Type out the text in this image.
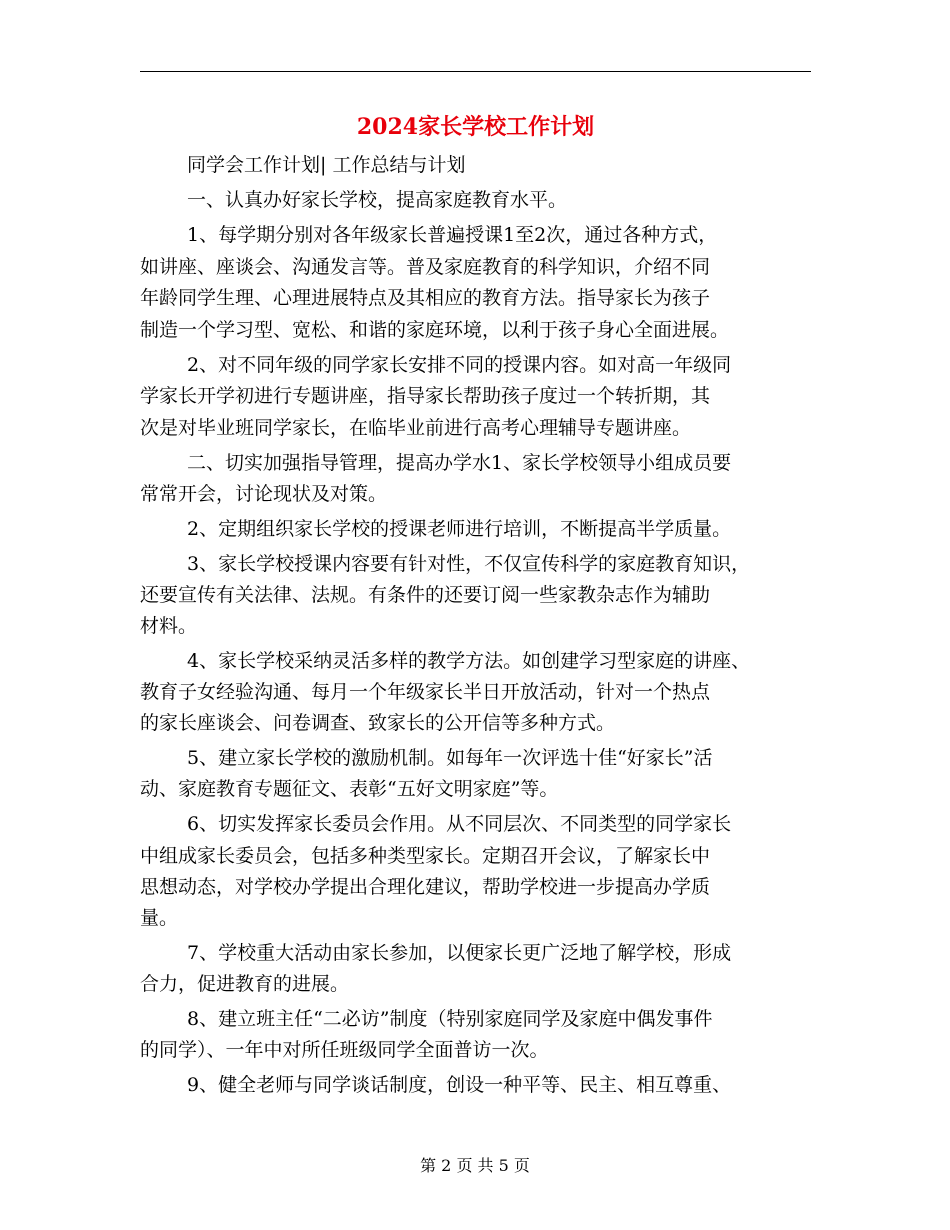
2024家长学校工作计划
同学会工作计划| 工作总结与计划
一、认真办好家长学校，提高家庭教育水平。
1、每学期分别对各年级家长普遍授课1至2次，通过各种方式，
如讲座、座谈会、沟通发言等。普及家庭教育的科学知识，介绍不同
年龄同学生理、心理进展特点及其相应的教育方法。指导家长为孩子
制造一个学习型、宽松、和谐的家庭环境，以利于孩子身心全面进展。
2、对不同年级的同学家长安排不同的授课内容。如对高一年级同
学家长开学初进行专题讲座，指导家长帮助孩子度过一个转折期，其
次是对毕业班同学家长，在临毕业前进行高考心理辅导专题讲座。
二、切实加强指导管理，提高办学水1、家长学校领导小组成员要
常常开会，讨论现状及对策。
2、定期组织家长学校的授课老师进行培训，不断提高半学质量。
3、家长学校授课内容要有针对性，不仅宣传科学的家庭教育知识，
还要宣传有关法律、法规。有条件的还要订阅一些家教杂志作为辅助
材料。
4、家长学校采纳灵活多样的教学方法。如创建学习型家庭的讲座、
教育子女经验沟通、每月一个年级家长半日开放活动，针对一个热点
的家长座谈会、问卷调查、致家长的公开信等多种方式。
5、建立家长学校的激励机制。如每年一次评选十佳“好家长”活
动、家庭教育专题征文、表彰“五好文明家庭”等。
6、切实发挥家长委员会作用。从不同层次、不同类型的同学家长
中组成家长委员会，包括多种类型家长。定期召开会议，了解家长中
思想动态，对学校办学提出合理化建议，帮助学校进一步提高办学质
量。
7、学校重大活动由家长参加，以便家长更广泛地了解学校，形成
合力，促进教育的进展。
8、建立班主任“二必访”制度（特别家庭同学及家庭中偶发事件
的同学）、一年中对所任班级同学全面普访一次。
9、健全老师与同学谈话制度，创设一种平等、民主、相互尊重、
第 2 页 共 5 页
